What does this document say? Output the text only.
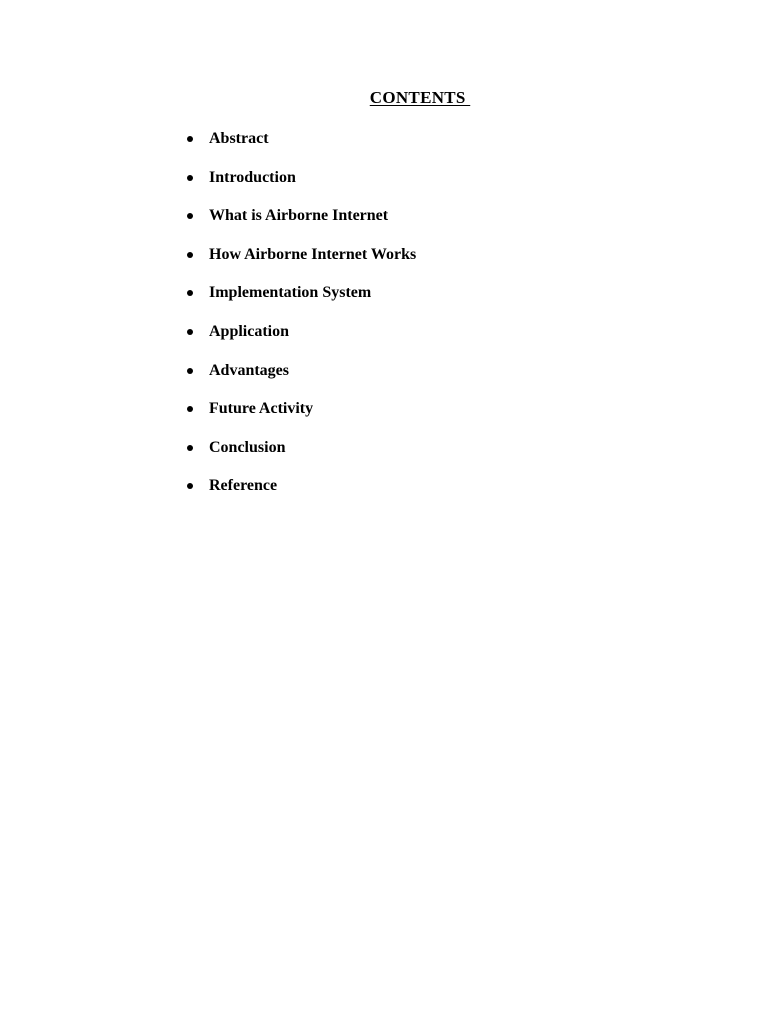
CONTENTS
Abstract
Introduction
What is Airborne Internet
How Airborne Internet Works
Implementation System
Application
Advantages
Future Activity
Conclusion
Reference
